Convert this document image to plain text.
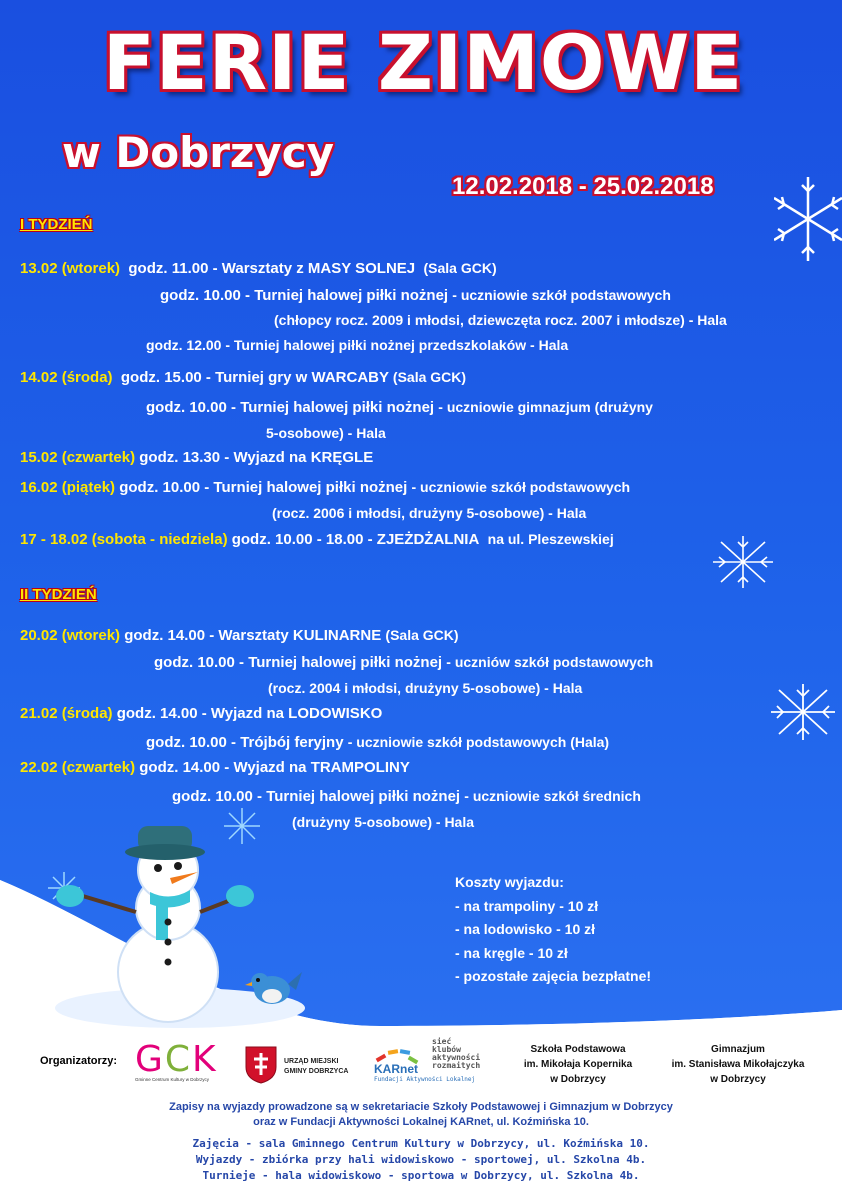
FERIE ZIMOWE
w Dobrzycy
12.02.2018 - 25.02.2018
I TYDZIEŃ
13.02 (wtorek) godz. 11.00 - Warsztaty z MASY SOLNEJ (Sala GCK)
godz. 10.00 - Turniej halowej piłki nożnej - uczniowie szkół podstawowych
(chłopcy rocz. 2009 i młodsi, dziewczęta rocz. 2007 i młodsze) - Hala
godz. 12.00 - Turniej halowej piłki nożnej przedszkolaków - Hala
14.02 (środa) godz. 15.00 - Turniej gry w WARCABY (Sala GCK)
godz. 10.00 - Turniej halowej piłki nożnej - uczniowie gimnazjum (drużyny
5-osobowe) - Hala
15.02 (czwartek) godz. 13.30 - Wyjazd na KRĘGLE
16.02 (piątek) godz. 10.00 - Turniej halowej piłki nożnej - uczniowie szkół podstawowych
(rocz. 2006 i młodsi, drużyny 5-osobowe) - Hala
17 - 18.02 (sobota - niedziela) godz. 10.00 - 18.00 - ZJEŻDŻALNIA na ul. Pleszewskiej
II TYDZIEŃ
20.02 (wtorek) godz. 14.00 - Warsztaty KULINARNE (Sala GCK)
godz. 10.00 - Turniej halowej piłki nożnej - uczniów szkół podstawowych
(rocz. 2004 i młodsi, drużyny 5-osobowe) - Hala
21.02 (środa) godz. 14.00 - Wyjazd na LODOWISKO
godz. 10.00 - Trójbój feryjny - uczniowie szkół podstawowych (Hala)
22.02 (czwartek) godz. 14.00 - Wyjazd na TRAMPOLINY
godz. 10.00 - Turniej halowej piłki nożnej - uczniowie szkół średnich
(drużyny 5-osobowe) - Hala
Koszty wyjazdu:
- na trampoliny - 10 zł
- na lodowisko - 10 zł
- na kręgle - 10 zł
- pozostałe zajęcia bezpłatne!
Organizatorzy: GCK
Gminne Centrum Kultury w Dobrzycy
URZĄD MIEJSKI
GMINY DOBRZYCA KARnet
sieć
klubów
aktywności
rozmaitych
Fundacji Aktywności Lokalnej
Szkoła Podstawowa
im. Mikołaja Kopernika
w Dobrzycy
Gimnazjum
im. Stanisława Mikołajczyka
w Dobrzycy
Zapisy na wyjazdy prowadzone są w sekretariacie Szkoły Podstawowej i Gimnazjum w Dobrzycy
oraz w Fundacji Aktywności Lokalnej KARnet, ul. Koźmińska 10.
Zajęcia - sala Gminnego Centrum Kultury w Dobrzycy, ul. Koźmińska 10.
Wyjazdy - zbiórka przy hali widowiskowo - sportowej, ul. Szkolna 4b.
Turnieje - hala widowiskowo - sportowa w Dobrzycy, ul. Szkolna 4b.
